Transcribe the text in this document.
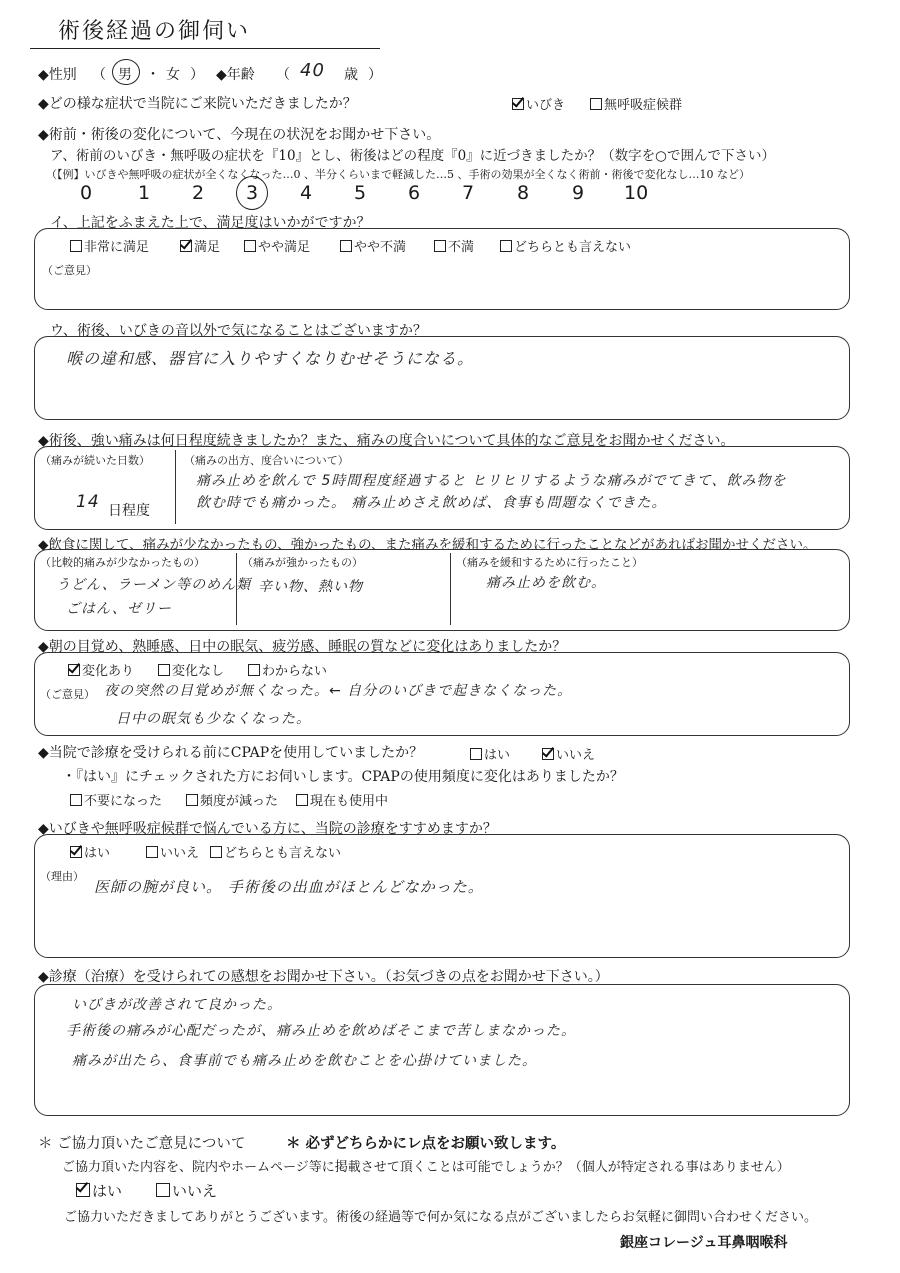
術後経過の御伺い
◆性別 （ 男 ・ 女 ） ◆年齢 （ 40 歳 ）
◆どの様な症状で当院にご来院いただきましたか？	いびき	無呼吸症候群
◆術前・術後の変化について、今現在の状況をお聞かせ下さい。
ア、術前のいびき・無呼吸の症状を『10』とし、術後はどの程度『0』に近づきましたか？（数字を○で囲んで下さい）
（【例】いびきや無呼吸の症状が全くなくなった…0 、半分くらいまで軽減した…5 、手術の効果が全くなく術前・術後で変化なし…10 など）
0 1 2 3 4 5 6 7 8 9 10
イ、上記をふまえた上で、満足度はいかがですか？
非常に満足	満足	やや満足	やや不満	不満	どちらとも言えない
（ご意見）
ウ、術後、いびきの音以外で気になることはございますか？
喉の違和感、器官に入りやすくなりむせそうになる。
◆術後、強い痛みは何日程度続きましたか？また、痛みの度合いについて具体的なご意見をお聞かせください。
（痛みが続いた日数）
14 日程度
（痛みの出方、度合いについて）
痛み止めを飲んで 5時間程度経過すると ヒリヒリするような痛みがでてきて、飲み物を
飲む時でも痛かった。 痛み止めさえ飲めば、食事も問題なくできた。
◆飲食に関して、痛みが少なかったもの、強かったもの、また痛みを緩和するために行ったことなどがあればお聞かせください。
（比較的痛みが少なかったもの）
うどん、ラーメン等のめん類
ごはん、ゼリー
（痛みが強かったもの）
辛い物、熱い物
（痛みを緩和するために行ったこと）
痛み止めを飲む。
◆朝の目覚め、熟睡感、日中の眠気、疲労感、睡眠の質などに変化はありましたか？
変化あり	変化なし	わからない
（ご意見） 夜の突然の目覚めが無くなった。← 自分のいびきで起きなくなった。
日中の眠気も少なくなった。
◆当院で診療を受けられる前にCPAPを使用していましたか？	はい	いいえ
・『はい』にチェックされた方にお伺いします。CPAPの使用頻度に変化はありましたか？
不要になった	頻度が減った	現在も使用中
◆いびきや無呼吸症候群で悩んでいる方に、当院の診療をすすめますか？
はい	いいえ	どちらとも言えない
（理由）
医師の腕が良い。 手術後の出血がほとんどなかった。
◆診療（治療）を受けられての感想をお聞かせ下さい。（お気づきの点をお聞かせ下さい。）
いびきが改善されて良かった。
手術後の痛みが心配だったが、痛み止めを飲めばそこまで苦しまなかった。
痛みが出たら、食事前でも痛み止めを飲むことを心掛けていました。
＊ ご協力頂いたご意見について	＊ 必ずどちらかにレ点をお願い致します。
ご協力頂いた内容を、院内やホームページ等に掲載させて頂くことは可能でしょうか？（個人が特定される事はありません）
はい	いいえ
ご協力いただきましてありがとうございます。術後の経過等で何か気になる点がございましたらお気軽に御問い合わせください。
銀座コレージュ耳鼻咽喉科
